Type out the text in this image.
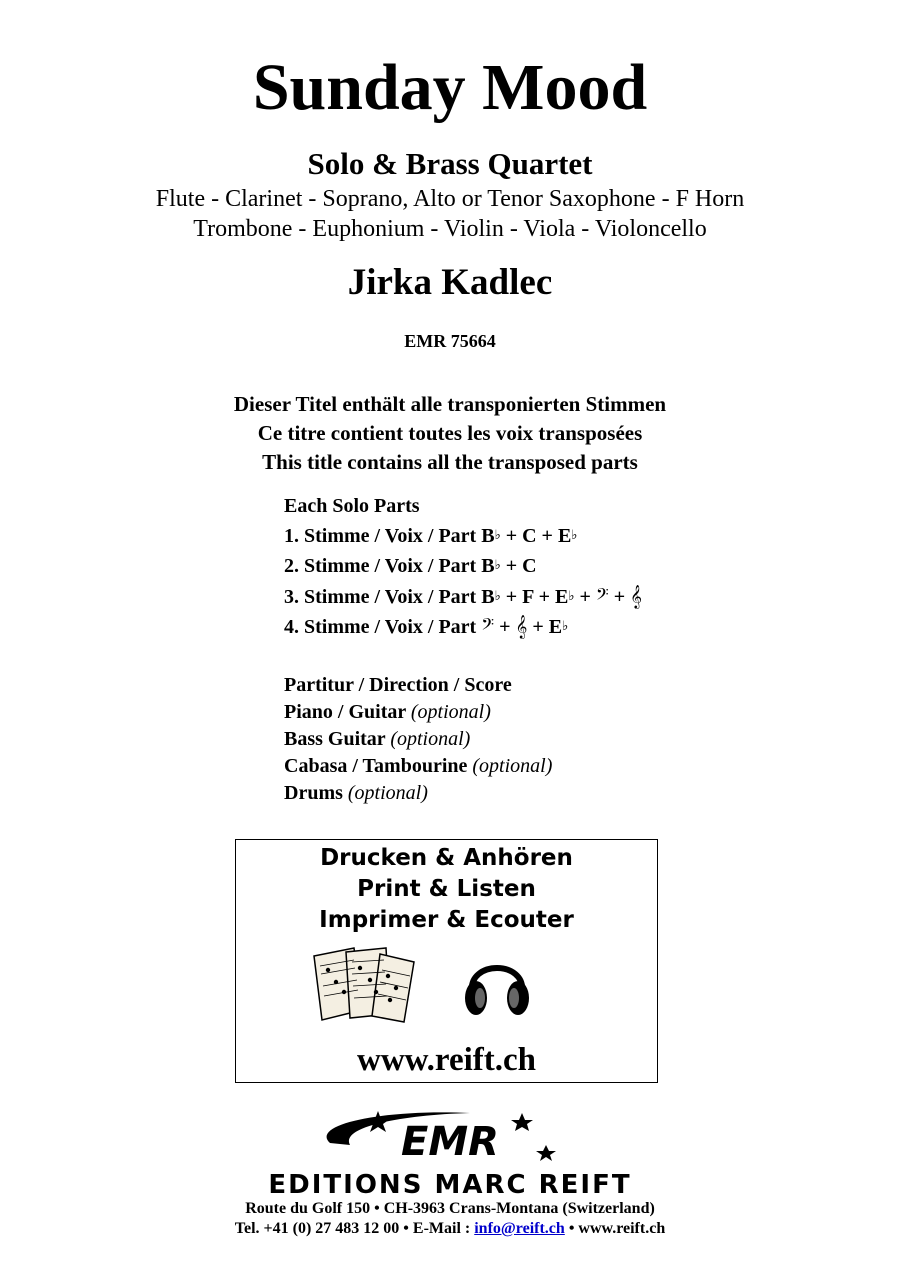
Sunday Mood
Solo & Brass Quartet
Flute - Clarinet - Soprano, Alto or Tenor Saxophone - F Horn
Trombone - Euphonium - Violin - Viola - Violoncello
Jirka Kadlec
EMR 75664
Dieser Titel enthält alle transponierten Stimmen
Ce titre contient toutes les voix transposées
This title contains all the transposed parts
Each Solo Parts
1. Stimme / Voix / Part B♭ + C + E♭
2. Stimme / Voix / Part B♭ + C
3. Stimme / Voix / Part B♭ + F + E♭ + 𝄢 + 𝄞
4. Stimme / Voix / Part 𝄢 + 𝄞 + E♭
Partitur / Direction / Score
Piano / Guitar (optional)
Bass Guitar (optional)
Cabasa / Tambourine (optional)
Drums (optional)
Drucken & Anhören
Print & Listen
Imprimer & Ecouter
www.reift.ch
EMR
EDITIONS MARC REIFT
Route du Golf 150 • CH-3963 Crans-Montana (Switzerland)
Tel. +41 (0) 27 483 12 00 • E-Mail : info@reift.ch • www.reift.ch
